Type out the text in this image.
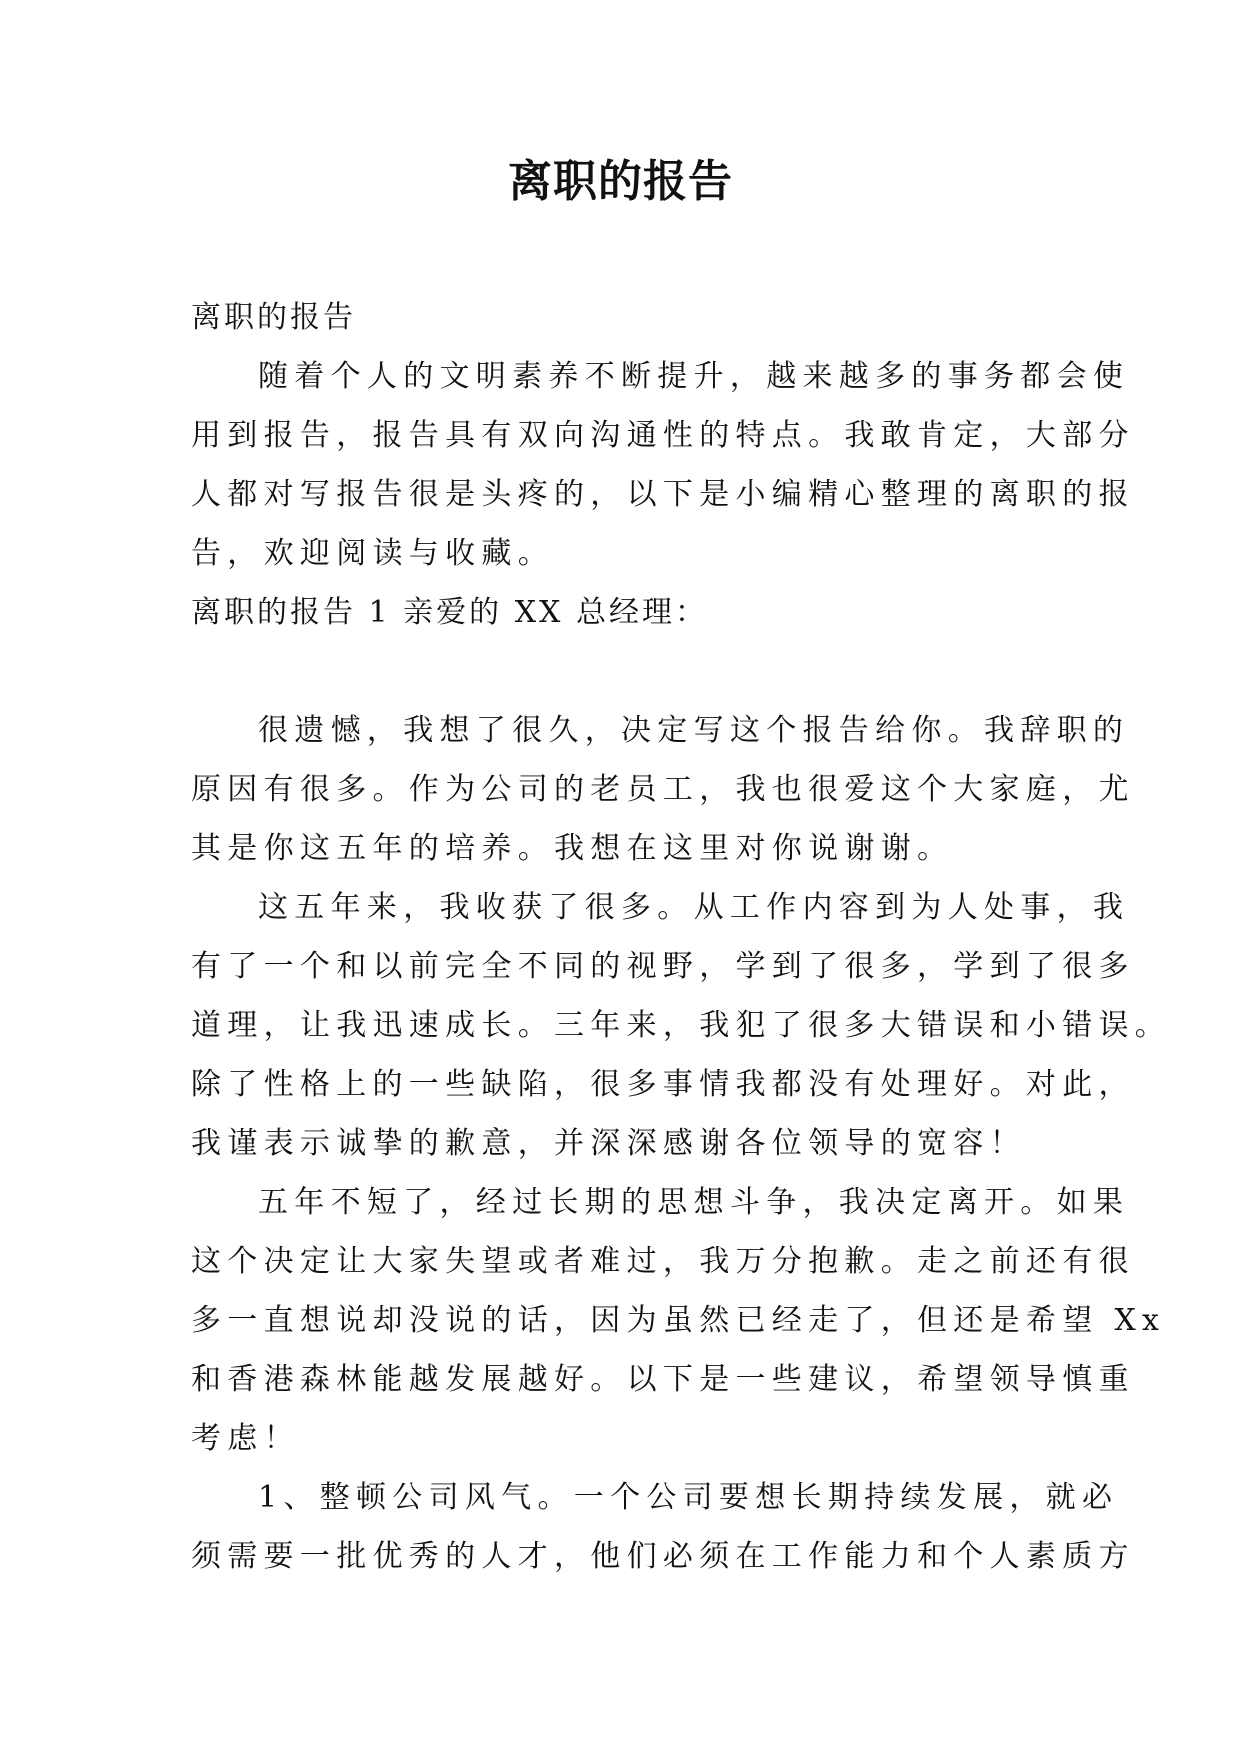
离职的报告

离职的报告

随着个人的文明素养不断提升，越来越多的事务都会使

用到报告，报告具有双向沟通性的特点。我敢肯定，大部分

人都对写报告很是头疼的，以下是小编精心整理的离职的报

告，欢迎阅读与收藏。

离职的报告 1 亲爱的 XX 总经理：

很遗憾，我想了很久，决定写这个报告给你。我辞职的

原因有很多。作为公司的老员工，我也很爱这个大家庭，尤

其是你这五年的培养。我想在这里对你说谢谢。

这五年来，我收获了很多。从工作内容到为人处事，我

有了一个和以前完全不同的视野，学到了很多，学到了很多

道理，让我迅速成长。三年来，我犯了很多大错误和小错误。

除了性格上的一些缺陷，很多事情我都没有处理好。对此，

我谨表示诚挚的歉意，并深深感谢各位领导的宽容！

五年不短了，经过长期的思想斗争，我决定离开。如果

这个决定让大家失望或者难过，我万分抱歉。走之前还有很

多一直想说却没说的话，因为虽然已经走了，但还是希望 Xx

和香港森林能越发展越好。以下是一些建议，希望领导慎重

考虑！

1、整顿公司风气。一个公司要想长期持续发展，就必

须需要一批优秀的人才，他们必须在工作能力和个人素质方
